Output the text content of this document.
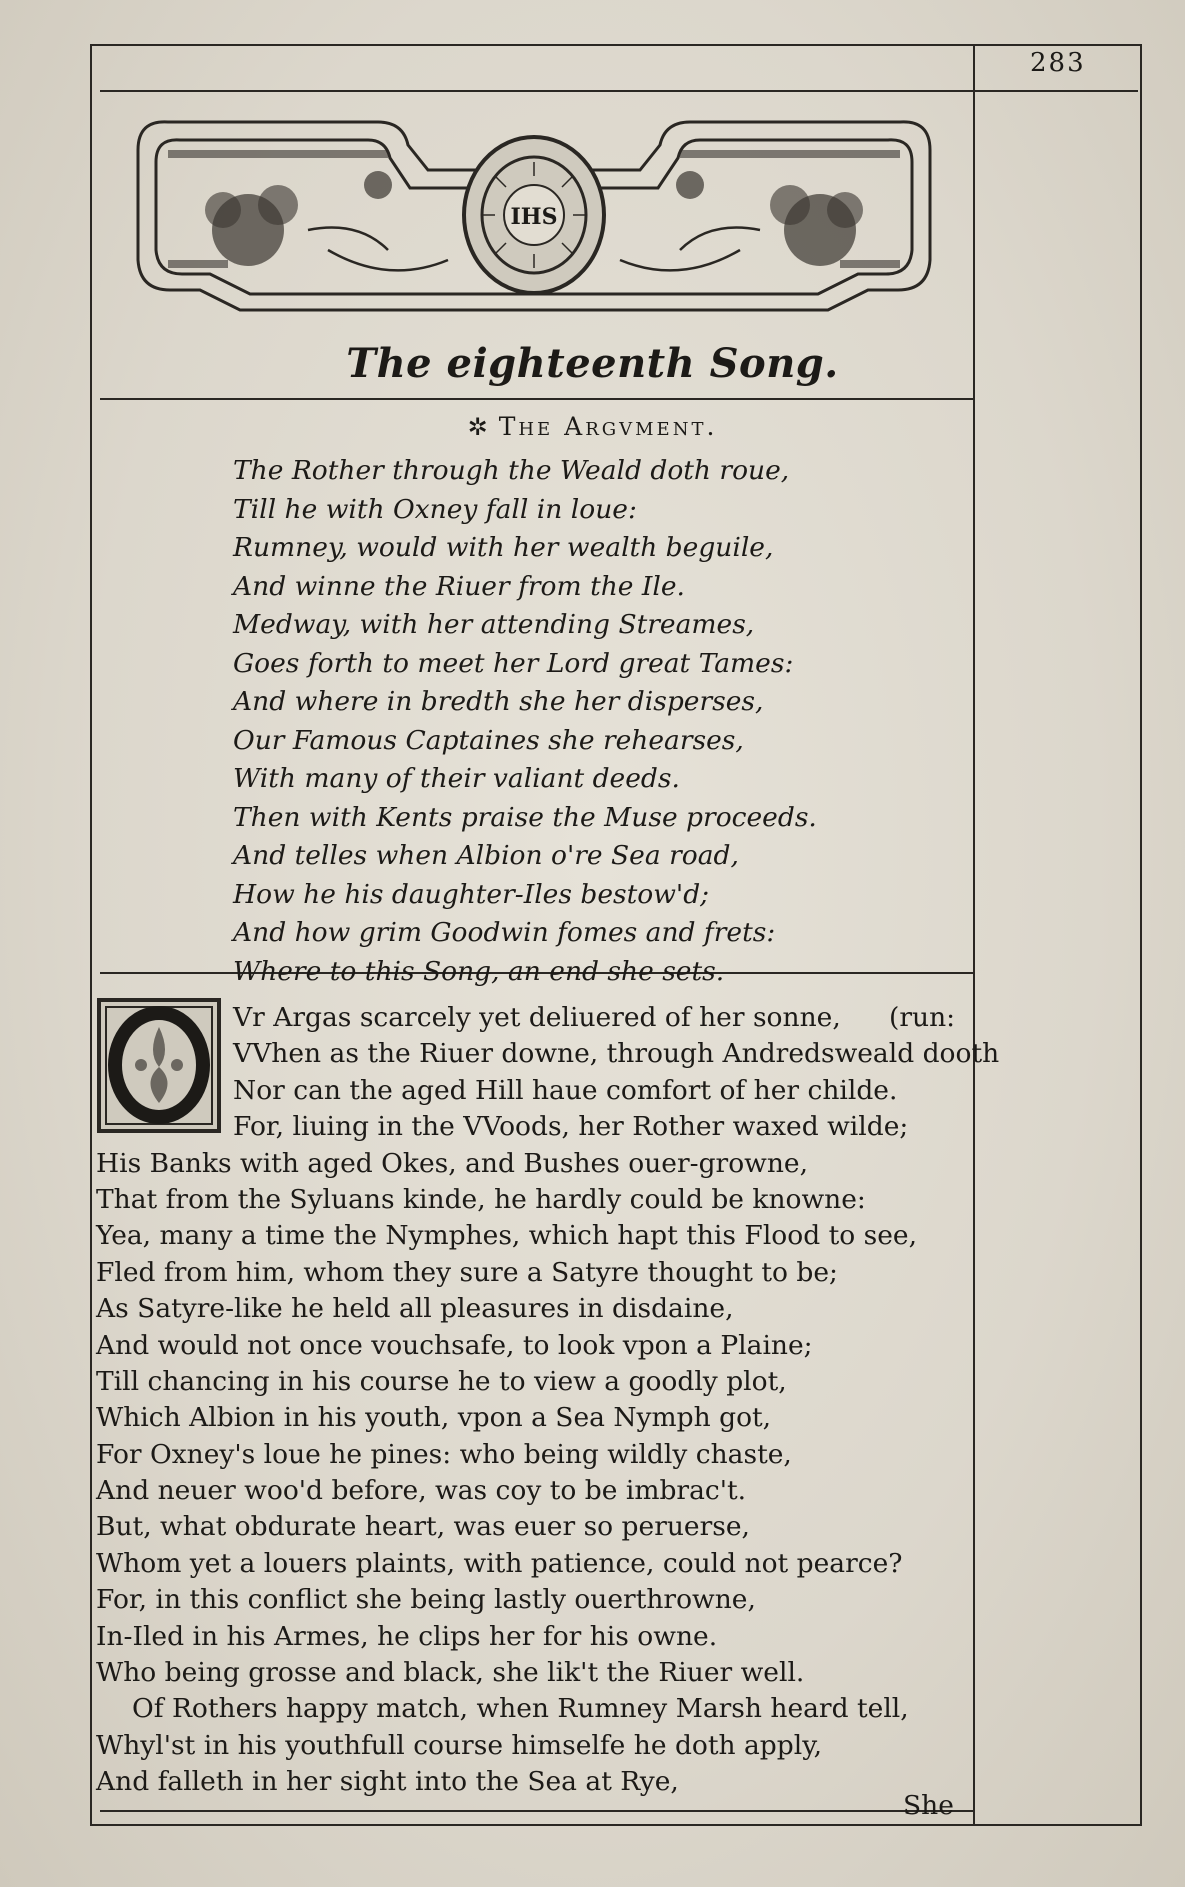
283
IHS
The eighteenth Song.
✲ The Argvment.
The Rother through the Weald doth roue,
Till he with Oxney fall in loue:
Rumney, would with her wealth beguile,
And winne the Riuer from the Ile.
Medway, with her attending Streames,
Goes forth to meet her Lord great Tames:
And where in bredth she her disperses,
Our Famous Captaines she rehearses,
With many of their valiant deeds.
Then with Kents praise the Muse proceeds.
And telles when Albion o're Sea road,
How he his daughter-Iles bestow'd;
And how grim Goodwin fomes and frets:
Where to this Song, an end she sets.
(run:
Vr Argas scarcely yet deliuered of her sonne,
VVhen as the Riuer downe, through Andredsweald dooth
Nor can the aged Hill haue comfort of her childe.
For, liuing in the VVoods, her Rother waxed wilde;
His Banks with aged Okes, and Bushes ouer-growne,
That from the Syluans kinde, he hardly could be knowne:
Yea, many a time the Nymphes, which hapt this Flood to see,
Fled from him, whom they sure a Satyre thought to be;
As Satyre-like he held all pleasures in disdaine,
And would not once vouchsafe, to look vpon a Plaine;
Till chancing in his course he to view a goodly plot,
Which Albion in his youth, vpon a Sea Nymph got,
For Oxney's loue he pines: who being wildly chaste,
And neuer woo'd before, was coy to be imbrac't.
But, what obdurate heart, was euer so peruerse,
Whom yet a louers plaints, with patience, could not pearce?
For, in this conflict she being lastly ouerthrowne,
In-Iled in his Armes, he clips her for his owne.
Who being grosse and black, she lik't the Riuer well.
Of Rothers happy match, when Rumney Marsh heard tell,
Whyl'st in his youthfull course himselfe he doth apply,
And falleth in her sight into the Sea at Rye,
She
